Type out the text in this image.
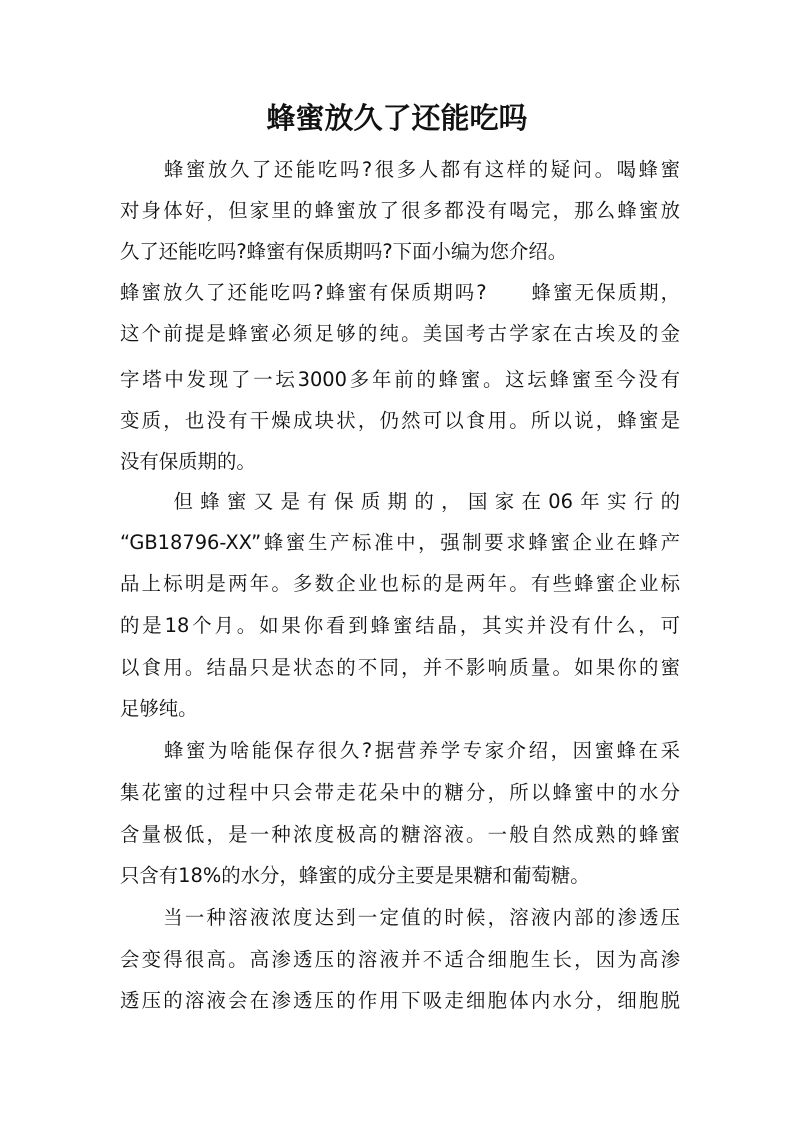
蜂蜜放久了还能吃吗
　　蜂蜜放久了还能吃吗?很多人都有这样的疑问。喝蜂蜜
对身体好，但家里的蜂蜜放了很多都没有喝完，那么蜂蜜放
久了还能吃吗?蜂蜜有保质期吗?下面小编为您介绍。
蜂蜜放久了还能吃吗?蜂蜜有保质期吗?　　蜂蜜无保质期，
这个前提是蜂蜜必须足够的纯。美国考古学家在古埃及的金
字塔中发现了一坛3000多年前的蜂蜜。这坛蜂蜜至今没有
变质，也没有干燥成块状，仍然可以食用。所以说，蜂蜜是
没有保质期的。
　　但蜂蜜又是有保质期的，国家在06年实行的
“GB18796-XX”蜂蜜生产标准中，强制要求蜂蜜企业在蜂产
品上标明是两年。多数企业也标的是两年。有些蜂蜜企业标
的是18个月。如果你看到蜂蜜结晶，其实并没有什么，可
以食用。结晶只是状态的不同，并不影响质量。如果你的蜜
足够纯。
　　蜂蜜为啥能保存很久?据营养学专家介绍，因蜜蜂在采
集花蜜的过程中只会带走花朵中的糖分，所以蜂蜜中的水分
含量极低，是一种浓度极高的糖溶液。一般自然成熟的蜂蜜
只含有18%的水分，蜂蜜的成分主要是果糖和葡萄糖。
　　当一种溶液浓度达到一定值的时候，溶液内部的渗透压
会变得很高。高渗透压的溶液并不适合细胞生长，因为高渗
透压的溶液会在渗透压的作用下吸走细胞体内水分，细胞脱
